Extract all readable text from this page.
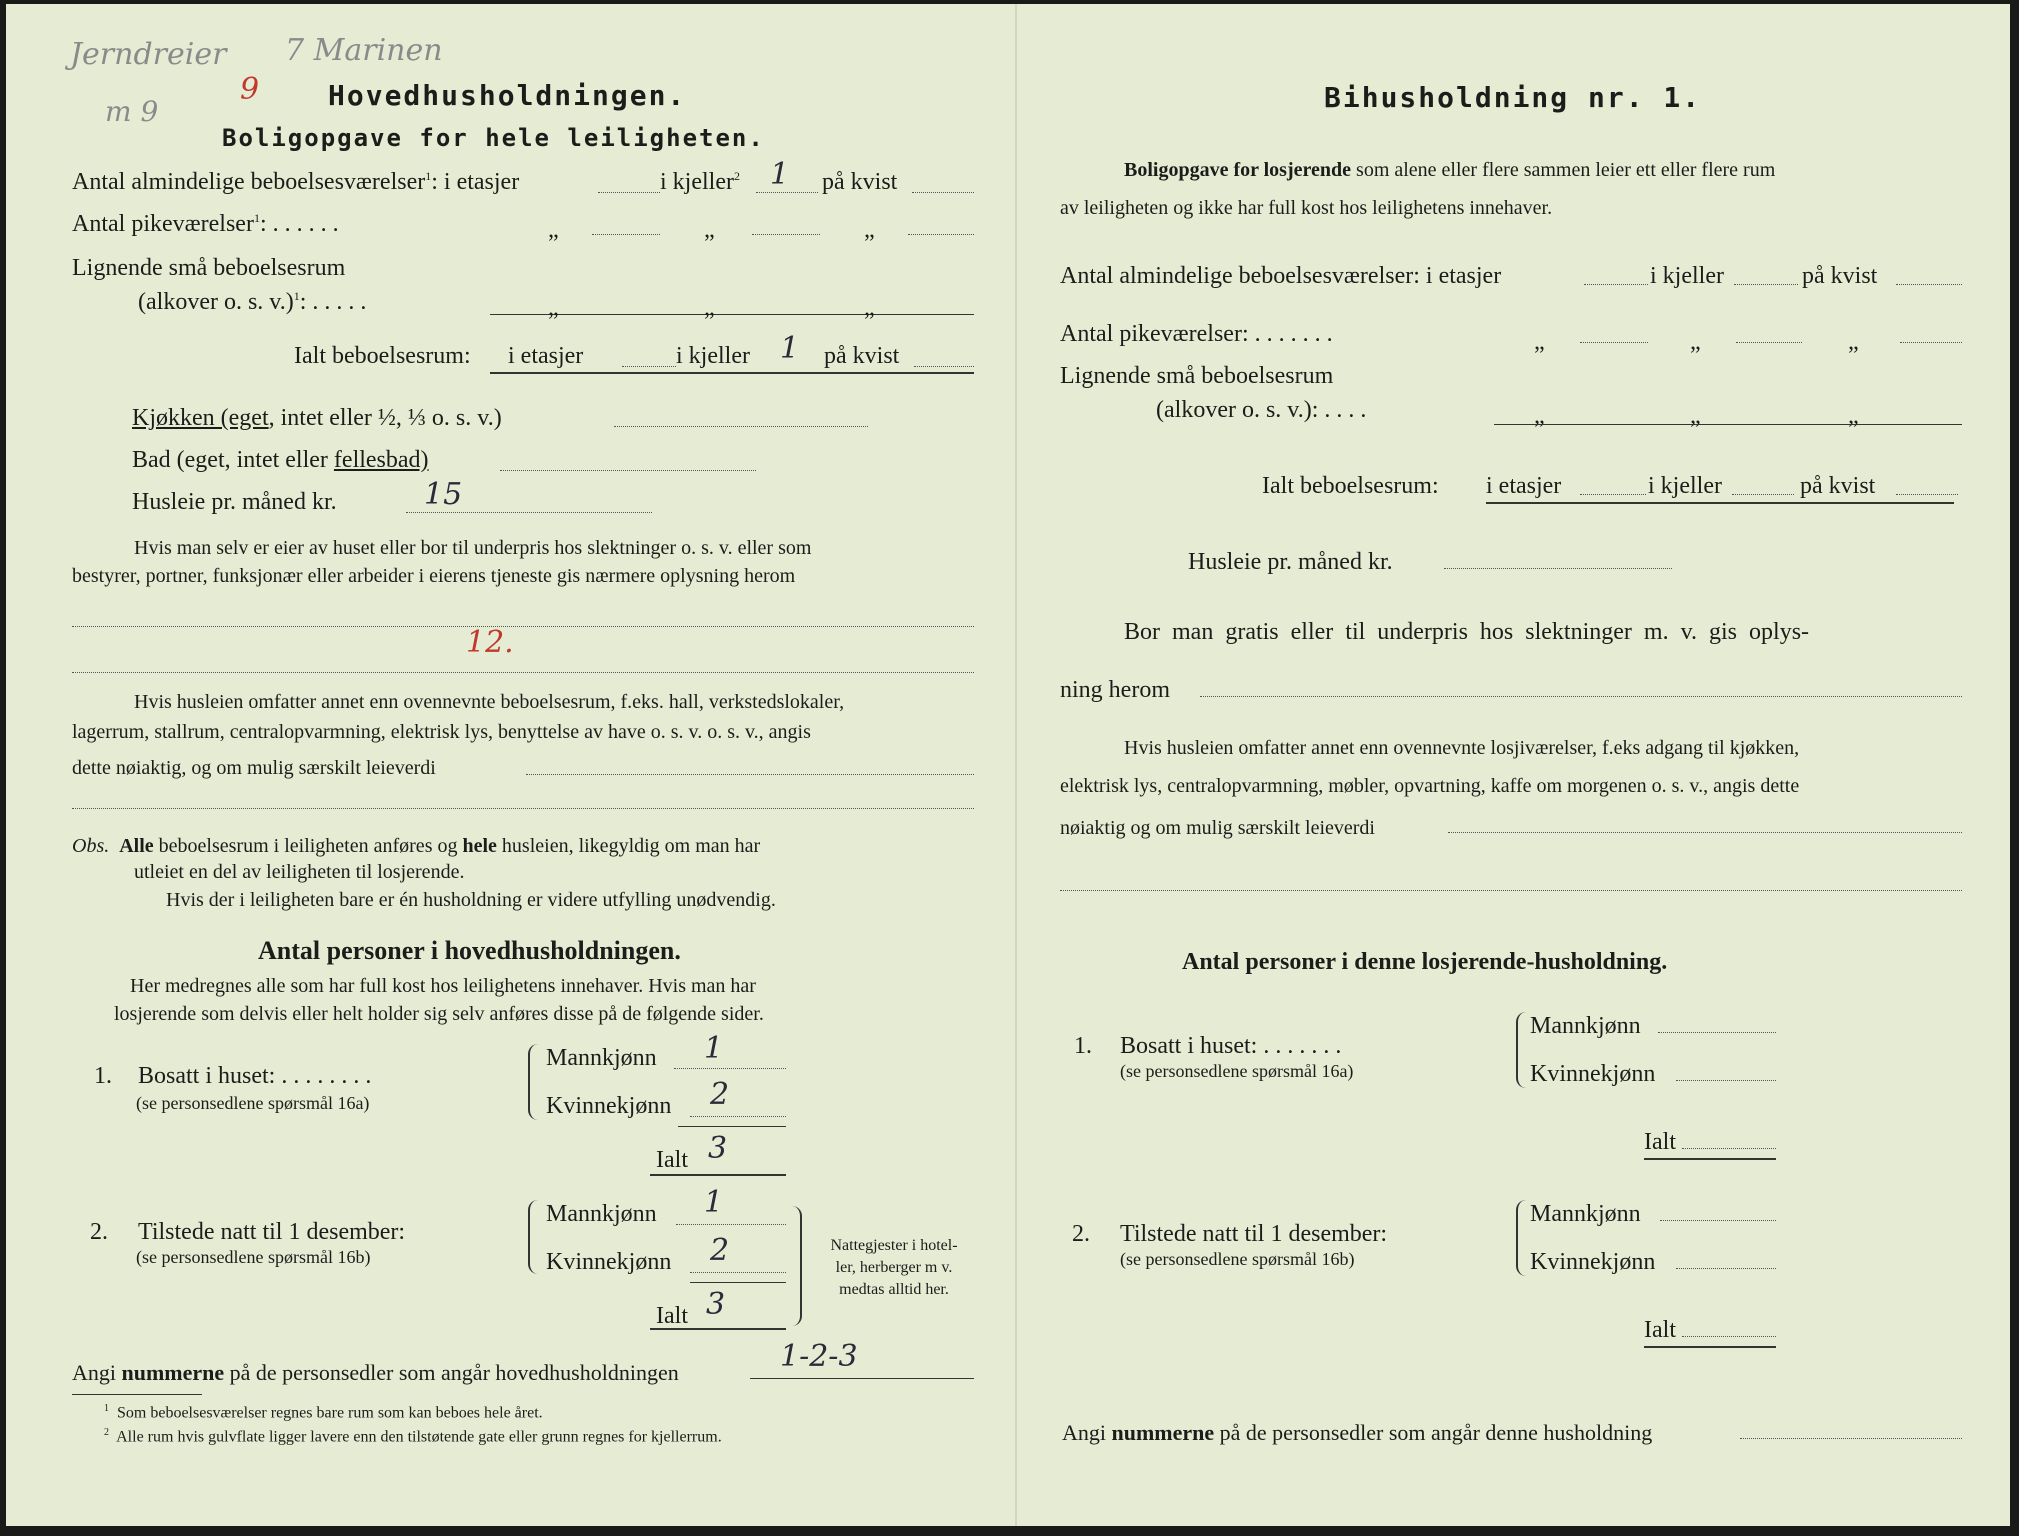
Jerndreier 7 Marinen
m 9
9 Hovedhusholdningen.
Boligopgave for hele leiligheten.
Antal almindelige beboelsesværelser$^1$: i etasjer	i kjeller$^2$ 1 på kvist
Antal pikeværelser$^1$: . . . . . .	„	„	„
Lignende små beboelsesrum
(alkover o. s. v.)$^1$: . . . . .	„	„	„
Ialt beboelsesrum: i etasjer	i kjeller 1 på kvist
Kjøkken (eget, intet eller ½, ⅓ o. s. v.)
Bad (eget, intet eller fellesbad)
Husleie pr. måned kr.	15
Hvis man selv er eier av huset eller bor til underpris hos slektninger o. s. v. eller som
bestyrer, portner, funksjonær eller arbeider i eierens tjeneste gis nærmere oplysning herom
12.
Hvis husleien omfatter annet enn ovennevnte beboelsesrum, f.eks. hall, verkstedslokaler,
lagerrum, stallrum, centralopvarmning, elektrisk lys, benyttelse av have o. s. v. o. s. v., angis
dette nøiaktig, og om mulig særskilt leieverdi
Obs. Alle beboelsesrum i leiligheten anføres og hele husleien, likegyldig om man har
utleiet en del av leiligheten til losjerende.
Hvis der i leiligheten bare er én husholdning er videre utfylling unødvendig.
Antal personer i hovedhusholdningen.
Her medregnes alle som har full kost hos leilighetens innehaver. Hvis man har
losjerende som delvis eller helt holder sig selv anføres disse på de følgende sider.
1. Bosatt i huset: . . . . . . . .
(se personsedlene spørsmål 16a)
Mannkjønn 1
Kvinnekjønn 2
Ialt 3
2. Tilstede natt til 1 desember:
(se personsedlene spørsmål 16b)
Mannkjønn 1
Kvinnekjønn 2
Ialt 3
Nattegjester i hotel-
ler, herberger m v.
medtas alltid her.
Angi nummerne på de personsedler som angår hovedhusholdningen	1-2-3
$^1$ Som beboelsesværelser regnes bare rum som kan beboes hele året.
$^2$ Alle rum hvis gulvflate ligger lavere enn den tilstøtende gate eller grunn regnes for kjellerrum.
Bihusholdning nr. 1.
Boligopgave for losjerende som alene eller flere sammen leier ett eller flere rum
av leiligheten og ikke har full kost hos leilighetens innehaver.
Antal almindelige beboelsesværelser: i etasjer	i kjeller	på kvist
Antal pikeværelser: . . . . . . .	„	„	„
Lignende små beboelsesrum
(alkover o. s. v.): . . . .	„	„	„
Ialt beboelsesrum: i etasjer	i kjeller	på kvist
Husleie pr. måned kr.
Bor man gratis eller til underpris hos slektninger m. v. gis oplys-
ning herom
Hvis husleien omfatter annet enn ovennevnte losjiværelser, f.eks adgang til kjøkken,
elektrisk lys, centralopvarmning, møbler, opvartning, kaffe om morgenen o. s. v., angis dette
nøiaktig og om mulig særskilt leieverdi
Antal personer i denne losjerende-husholdning.
1. Bosatt i huset: . . . . . . .
(se personsedlene spørsmål 16a)
Mannkjønn
Kvinnekjønn
Ialt
2. Tilstede natt til 1 desember:
(se personsedlene spørsmål 16b)
Mannkjønn
Kvinnekjønn
Ialt
Angi nummerne på de personsedler som angår denne husholdning
